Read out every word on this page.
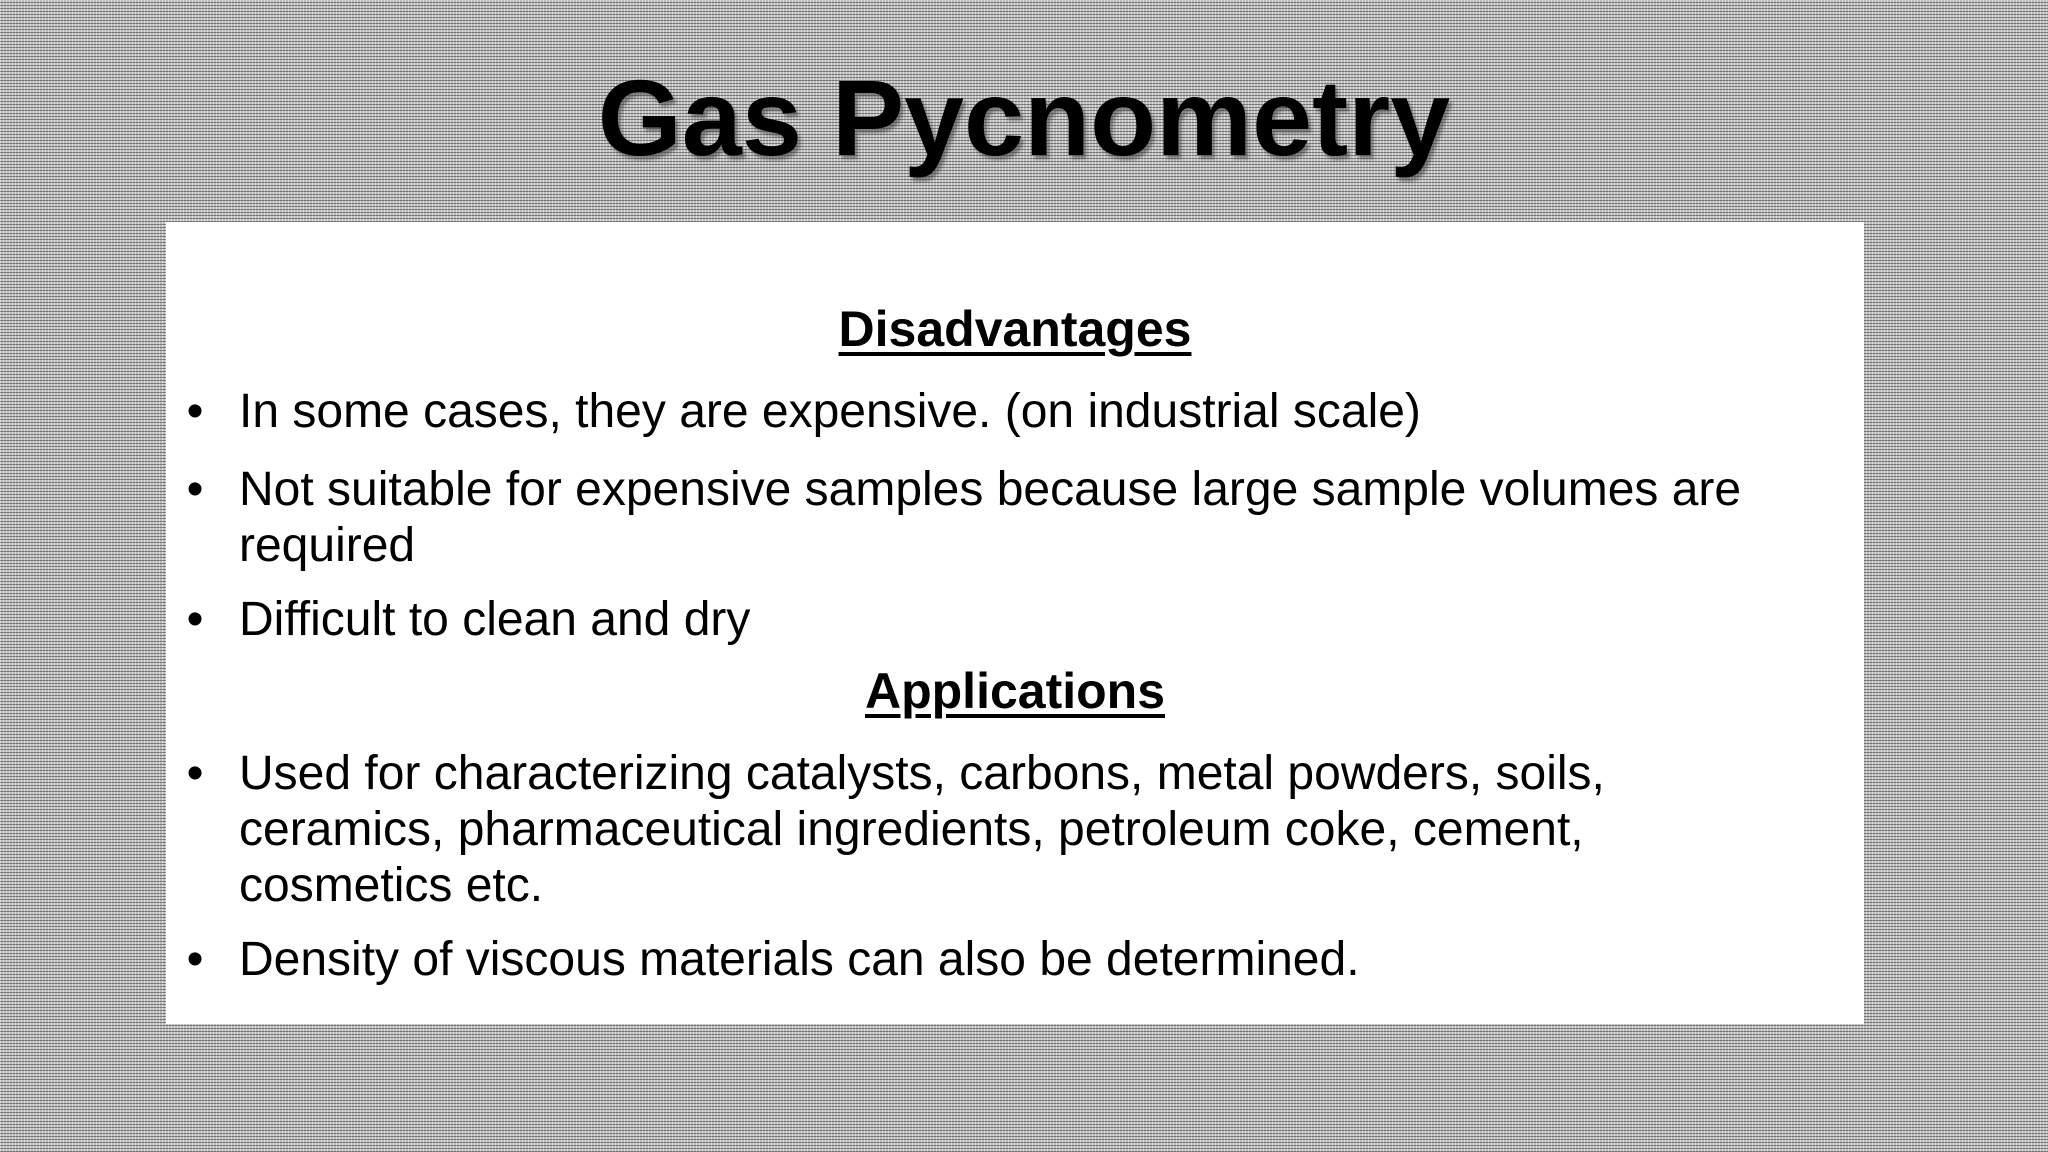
Gas Pycnometry
Disadvantages
• In some cases, they are expensive. (on industrial scale)
• Not suitable for expensive samples because large sample volumes are required
• Difficult to clean and dry
Applications
• Used for characterizing catalysts, carbons, metal powders, soils, ceramics, pharmaceutical ingredients, petroleum coke, cement, cosmetics etc.
• Density of viscous materials can also be determined.
